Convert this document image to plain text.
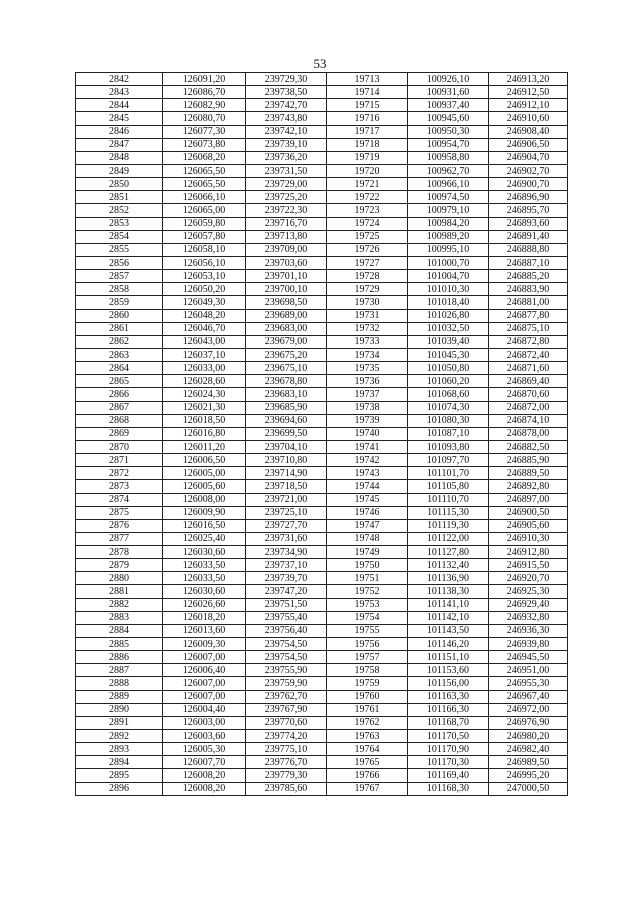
53
2842	126091,20	239729,30	19713	100926,10	246913,20
2843	126086,70	239738,50	19714	100931,60	246912,50
2844	126082,90	239742,70	19715	100937,40	246912,10
2845	126080,70	239743,80	19716	100945,60	246910,60
2846	126077,30	239742,10	19717	100950,30	246908,40
2847	126073,80	239739,10	19718	100954,70	246906,50
2848	126068,20	239736,20	19719	100958,80	246904,70
2849	126065,50	239731,50	19720	100962,70	246902,70
2850	126065,50	239729,00	19721	100966,10	246900,70
2851	126066,10	239725,20	19722	100974,50	246896,90
2852	126065,00	239722,30	19723	100979,10	246895,70
2853	126059,80	239716,70	19724	100984,20	246893,60
2854	126057,80	239713,80	19725	100989,20	246891,40
2855	126058,10	239709,00	19726	100995,10	246888,80
2856	126056,10	239703,60	19727	101000,70	246887,10
2857	126053,10	239701,10	19728	101004,70	246885,20
2858	126050,20	239700,10	19729	101010,30	246883,90
2859	126049,30	239698,50	19730	101018,40	246881,00
2860	126048,20	239689,00	19731	101026,80	246877,80
2861	126046,70	239683,00	19732	101032,50	246875,10
2862	126043,00	239679,00	19733	101039,40	246872,80
2863	126037,10	239675,20	19734	101045,30	246872,40
2864	126033,00	239675,10	19735	101050,80	246871,60
2865	126028,60	239678,80	19736	101060,20	246869,40
2866	126024,30	239683,10	19737	101068,60	246870,60
2867	126021,30	239685,90	19738	101074,30	246872,00
2868	126018,50	239694,60	19739	101080,30	246874,10
2869	126016,80	239699,50	19740	101087,10	246878,00
2870	126011,20	239704,10	19741	101093,80	246882,50
2871	126006,50	239710,80	19742	101097,70	246885,90
2872	126005,00	239714,90	19743	101101,70	246889,50
2873	126005,60	239718,50	19744	101105,80	246892,80
2874	126008,00	239721,00	19745	101110,70	246897,00
2875	126009,90	239725,10	19746	101115,30	246900,50
2876	126016,50	239727,70	19747	101119,30	246905,60
2877	126025,40	239731,60	19748	101122,00	246910,30
2878	126030,60	239734,90	19749	101127,80	246912,80
2879	126033,50	239737,10	19750	101132,40	246915,50
2880	126033,50	239739,70	19751	101136,90	246920,70
2881	126030,60	239747,20	19752	101138,30	246925,30
2882	126026,60	239751,50	19753	101141,10	246929,40
2883	126018,20	239755,40	19754	101142,10	246932,80
2884	126013,60	239756,40	19755	101143,50	246936,30
2885	126009,30	239754,50	19756	101146,20	246939,80
2886	126007,00	239754,50	19757	101151,10	246945,50
2887	126006,40	239755,90	19758	101153,60	246951,00
2888	126007,00	239759,90	19759	101156,00	246955,30
2889	126007,00	239762,70	19760	101163,30	246967,40
2890	126004,40	239767,90	19761	101166,30	246972,00
2891	126003,00	239770,60	19762	101168,70	246976,90
2892	126003,60	239774,20	19763	101170,50	246980,20
2893	126005,30	239775,10	19764	101170,90	246982,40
2894	126007,70	239776,70	19765	101170,30	246989,50
2895	126008,20	239779,30	19766	101169,40	246995,20
2896	126008,20	239785,60	19767	101168,30	247000,50
